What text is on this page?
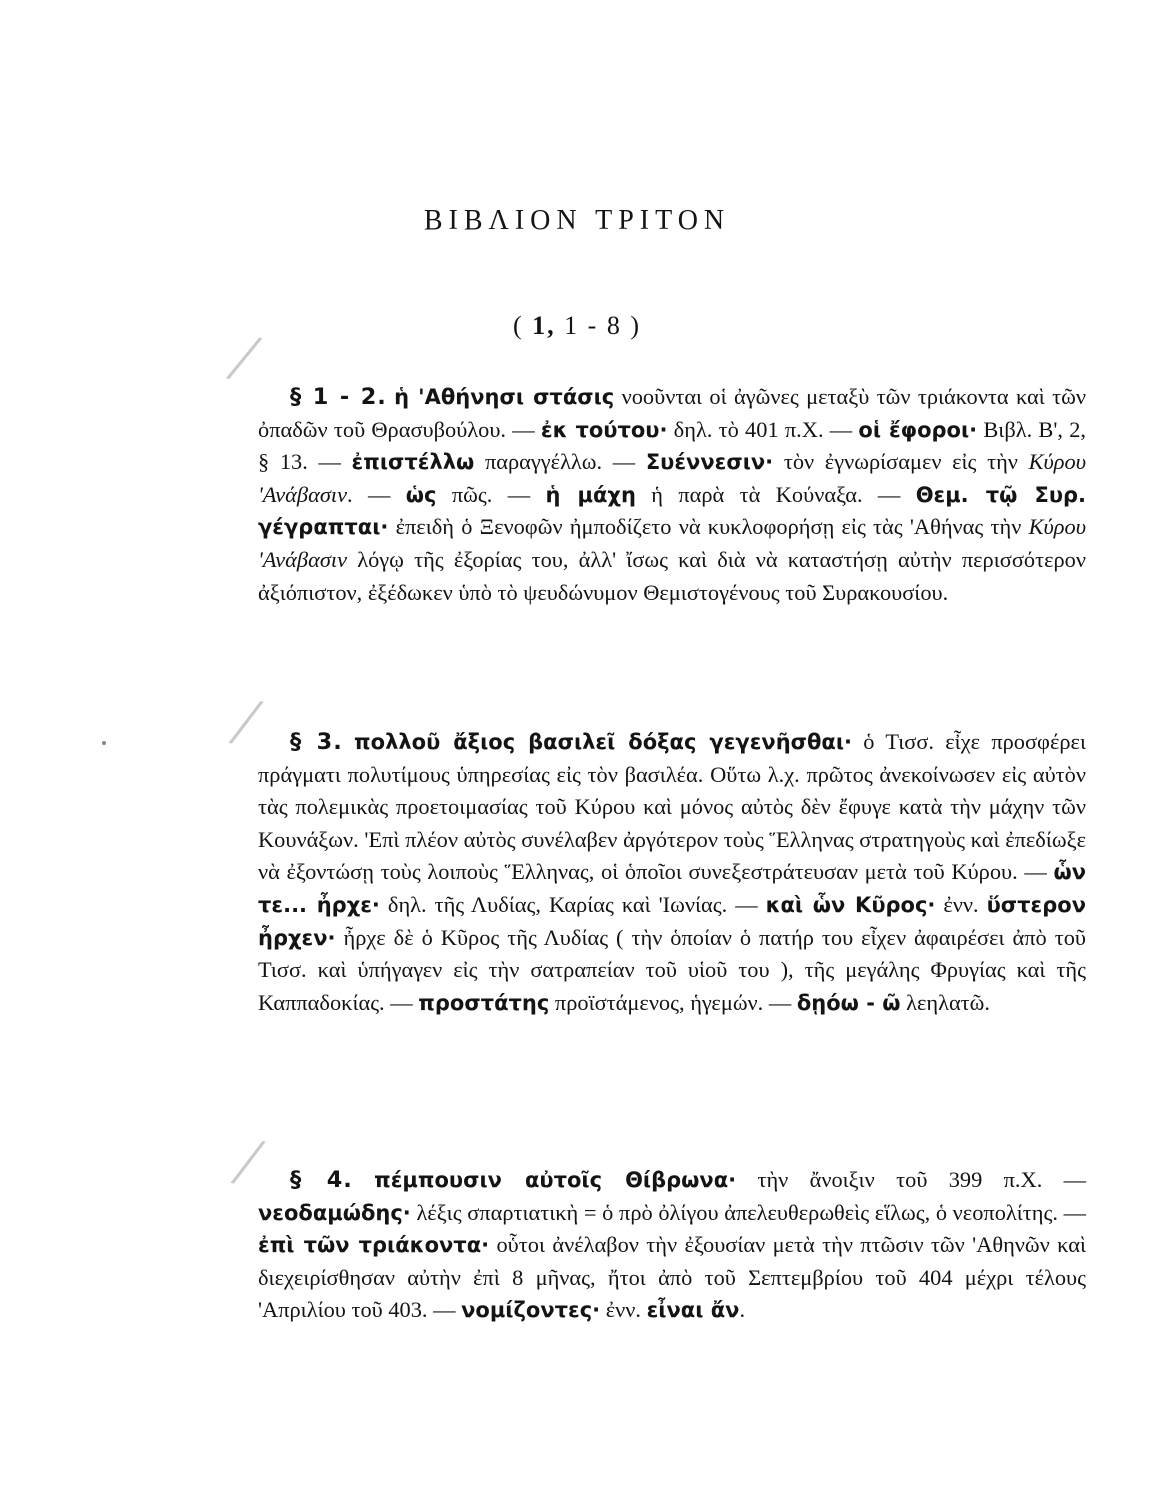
ΒΙΒΛΙΟΝ ΤΡΙΤΟΝ
( 1, 1 - 8 )
╱
╱
╱

§ 1 - 2. ἡ 'Αθήνησι στάσις νοοῦνται οἱ ἀγῶνες μεταξὺ τῶν τριάκοντα καὶ τῶν ὀπαδῶν τοῦ Θρασυβούλου. — ἐκ τούτου· δηλ. τὸ 401 π.Χ. — οἱ ἔφοροι· Βιβλ. Β', 2, § 13. — ἐπιστέλλω παραγγέλλω. — Συέννεσιν· τὸν ἐγνωρίσαμεν εἰς τὴν Κύρου 'Ανάβασιν. — ὡς πῶς. — ἡ μάχη ἡ παρὰ τὰ Κούναξα. — Θεμ. τῷ Συρ. γέγραπται· ἐπειδὴ ὁ Ξενοφῶν ἠμποδίζετο νὰ κυκλοφορήσῃ εἰς τὰς 'Αθήνας τὴν Κύρου 'Ανάβασιν λόγῳ τῆς ἐξορίας του, ἀλλ' ἴσως καὶ διὰ νὰ καταστήσῃ αὐτὴν περισσότερον ἀξιόπιστον, ἐξέδωκεν ὑπὸ τὸ ψευδώνυμον Θεμιστογένους τοῦ Συρακουσίου.

§ 3. πολλοῦ ἄξιος βασιλεῖ δόξας γεγενῆσθαι· ὁ Τισσ. εἶχε προσφέρει πράγματι πολυτίμους ὑπηρεσίας εἰς τὸν βασιλέα. Οὕτω λ.χ. πρῶτος ἀνεκοίνωσεν εἰς αὐτὸν τὰς πολεμικὰς προετοιμασίας τοῦ Κύρου καὶ μόνος αὐτὸς δὲν ἔφυγε κατὰ τὴν μάχην τῶν Κουνάξων. 'Επὶ πλέον αὐτὸς συνέλαβεν ἀργότερον τοὺς Ἕλληνας στρατηγοὺς καὶ ἐπεδίωξε νὰ ἐξοντώσῃ τοὺς λοιποὺς Ἕλληνας, οἱ ὁποῖοι συνεξεστράτευσαν μετὰ τοῦ Κύρου. — ὧν τε... ἦρχε· δηλ. τῆς Λυδίας, Καρίας καὶ 'Ιωνίας. — καὶ ὧν Κῦρος· ἐνν. ὕστερον ἦρχεν· ἦρχε δὲ ὁ Κῦρος τῆς Λυδίας ( τὴν ὁποίαν ὁ πατήρ του εἶχεν ἀφαιρέσει ἀπὸ τοῦ Τισσ. καὶ ὑπήγαγεν εἰς τὴν σατραπείαν τοῦ υἱοῦ του ), τῆς μεγάλης Φρυγίας καὶ τῆς Καππαδοκίας. — προστάτης προϊστάμενος, ἡγεμών. — δῃόω - ῶ λεηλατῶ.

§ 4. πέμπουσιν αὐτοῖς Θίβρωνα· τὴν ἄνοιξιν τοῦ 399 π.Χ. — νεοδαμώδης· λέξις σπαρτιατικὴ = ὁ πρὸ ὀλίγου ἀπελευθερωθεὶς εἵλως, ὁ νεοπολίτης. — ἐπὶ τῶν τριάκοντα· οὗτοι ἀνέλαβον τὴν ἐξουσίαν μετὰ τὴν πτῶσιν τῶν 'Αθηνῶν καὶ διεχειρίσθησαν αὐτὴν ἐπὶ 8 μῆνας, ἤτοι ἀπὸ τοῦ Σεπτεμβρίου τοῦ 404 μέχρι τέλους 'Απριλίου τοῦ 403. — νομίζοντες· ἐνν. εἶναι ἄν.
